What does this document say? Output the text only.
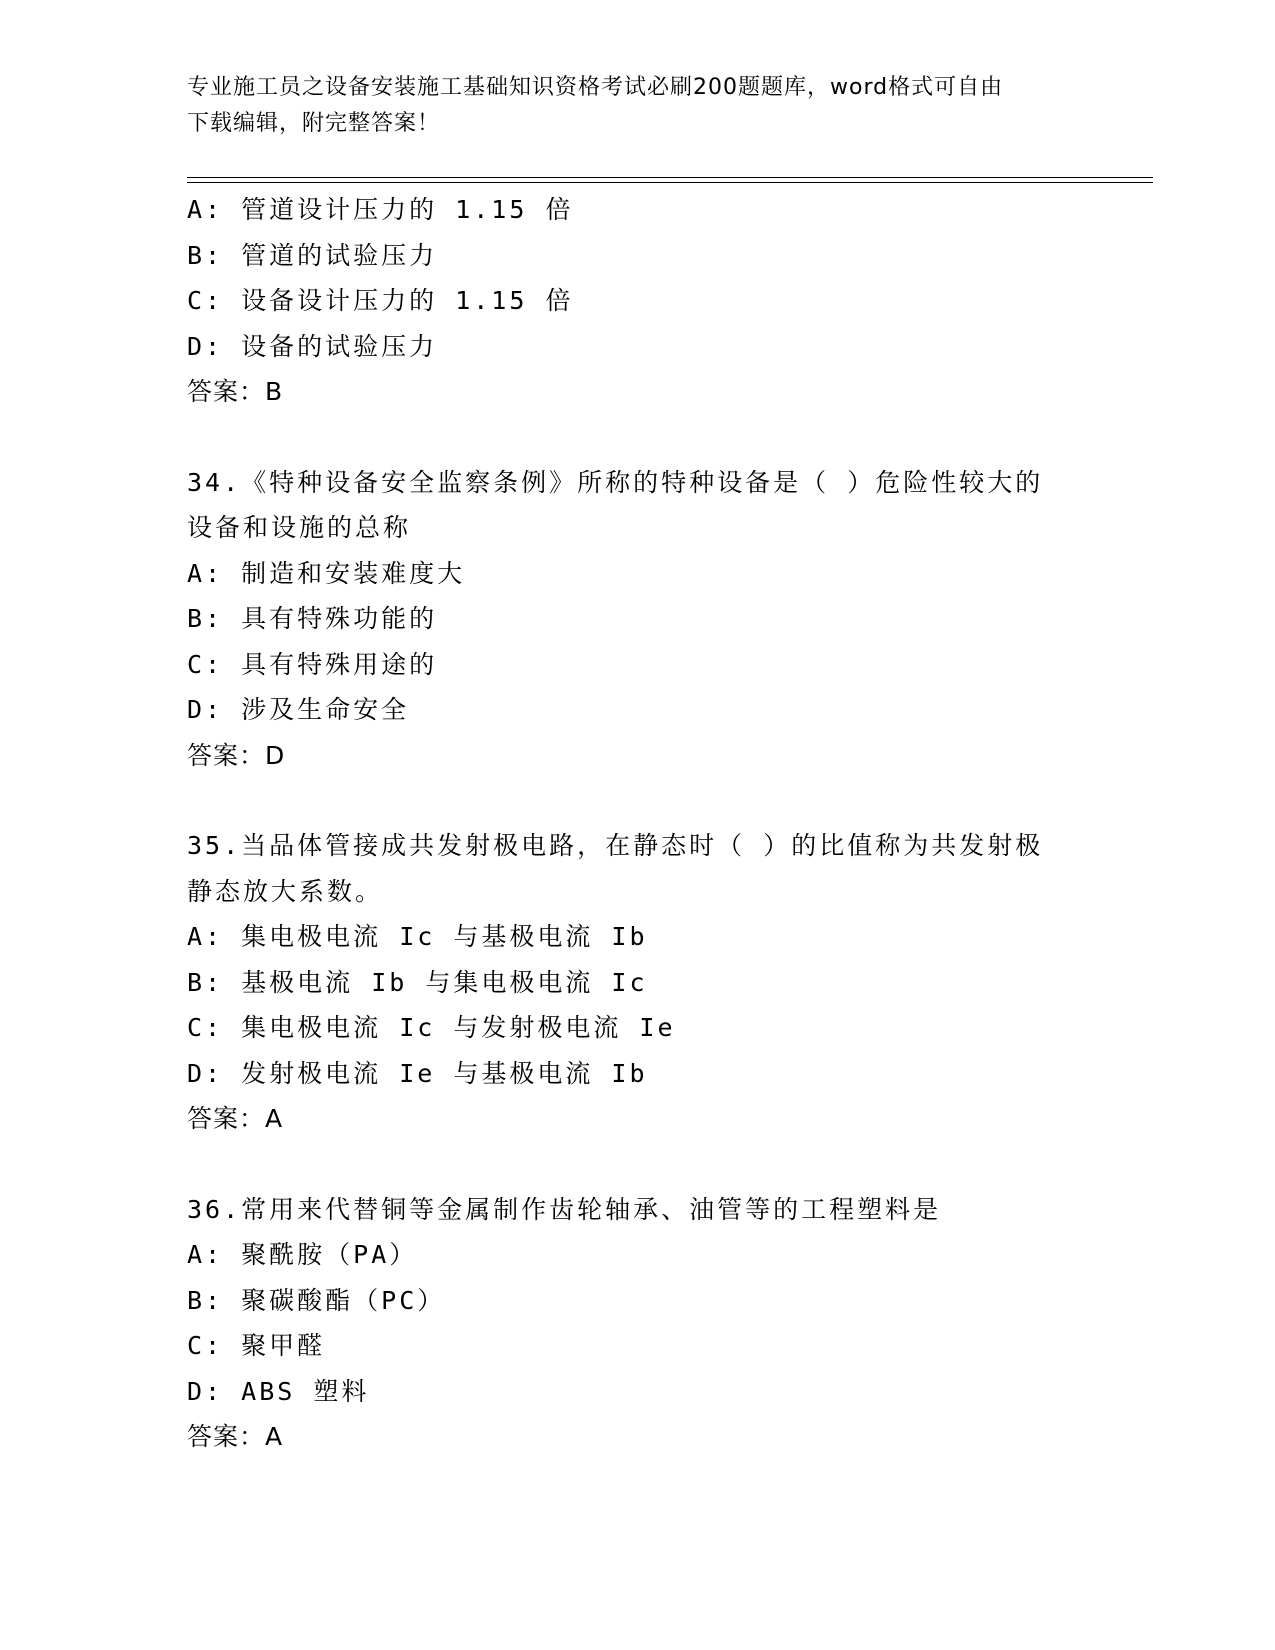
专业施工员之设备安装施工基础知识资格考试必刷200题题库，word格式可自由
下载编辑，附完整答案！
A: 管道设计压力的 1.15 倍
B: 管道的试验压力
C: 设备设计压力的 1.15 倍
D: 设备的试验压力
答案：B
34.《特种设备安全监察条例》所称的特种设备是（ ）危险性较大的
设备和设施的总称
A: 制造和安装难度大
B: 具有特殊功能的
C: 具有特殊用途的
D: 涉及生命安全
答案：D
35.当品体管接成共发射极电路，在静态时（ ）的比值称为共发射极
静态放大系数。
A: 集电极电流 Ic 与基极电流 Ib
B: 基极电流 Ib 与集电极电流 Ic
C: 集电极电流 Ic 与发射极电流 Ie
D: 发射极电流 Ie 与基极电流 Ib
答案：A
36.常用来代替铜等金属制作齿轮轴承、油管等的工程塑料是
A: 聚酰胺（PA）
B: 聚碳酸酯（PC）
C: 聚甲醛
D: ABS 塑料
答案：A
